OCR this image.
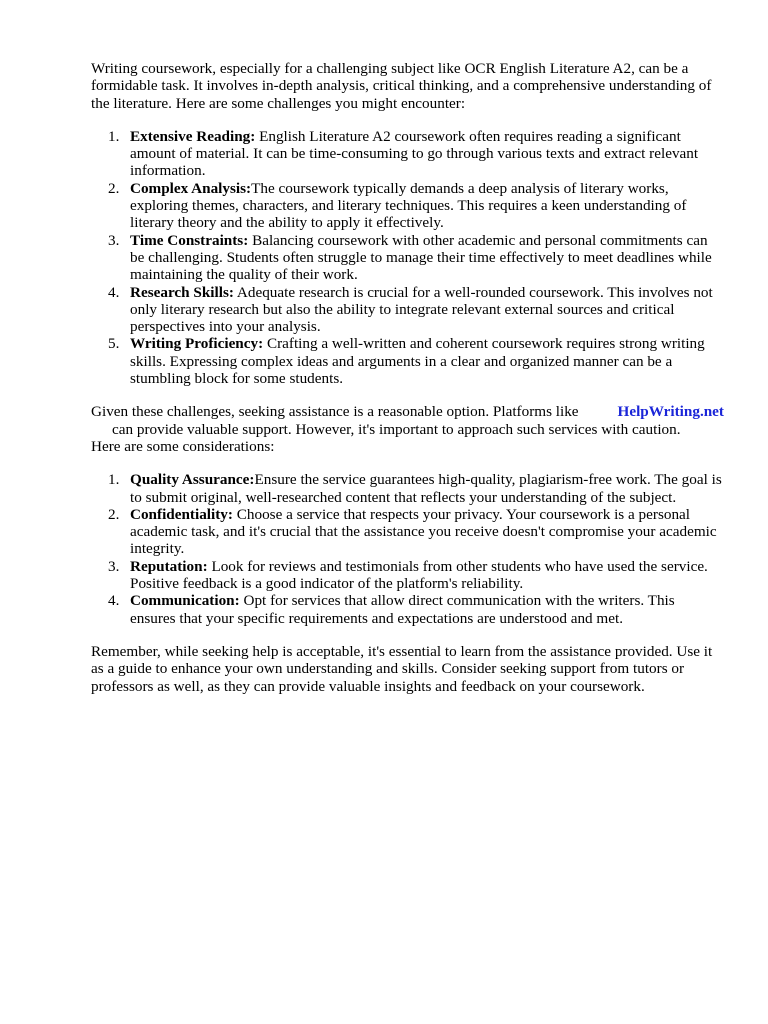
Writing coursework, especially for a challenging subject like OCR English Literature A2, can be a formidable task. It involves in-depth analysis, critical thinking, and a comprehensive understanding of the literature. Here are some challenges you might encounter:

1. Extensive Reading: English Literature A2 coursework often requires reading a significant amount of material. It can be time-consuming to go through various texts and extract relevant information.
2. Complex Analysis:The coursework typically demands a deep analysis of literary works, exploring themes, characters, and literary techniques. This requires a keen understanding of literary theory and the ability to apply it effectively.
3. Time Constraints: Balancing coursework with other academic and personal commitments can be challenging. Students often struggle to manage their time effectively to meet deadlines while maintaining the quality of their work.
4. Research Skills: Adequate research is crucial for a well-rounded coursework. This involves not only literary research but also the ability to integrate relevant external sources and critical perspectives into your analysis.
5. Writing Proficiency: Crafting a well-written and coherent coursework requires strong writing skills. Expressing complex ideas and arguments in a clear and organized manner can be a stumbling block for some students.
Given these challenges, seeking assistance is a reasonable option. Platforms like	HelpWriting.net
can provide valuable support. However, it's important to approach such services with caution.
Here are some considerations:
1. Quality Assurance:Ensure the service guarantees high-quality, plagiarism-free work. The goal is to submit original, well-researched content that reflects your understanding of the subject.
2. Confidentiality: Choose a service that respects your privacy. Your coursework is a personal academic task, and it's crucial that the assistance you receive doesn't compromise your academic integrity.
3. Reputation: Look for reviews and testimonials from other students who have used the service. Positive feedback is a good indicator of the platform's reliability.
4. Communication: Opt for services that allow direct communication with the writers. This ensures that your specific requirements and expectations are understood and met.

Remember, while seeking help is acceptable, it's essential to learn from the assistance provided. Use it as a guide to enhance your own understanding and skills. Consider seeking support from tutors or professors as well, as they can provide valuable insights and feedback on your coursework.
